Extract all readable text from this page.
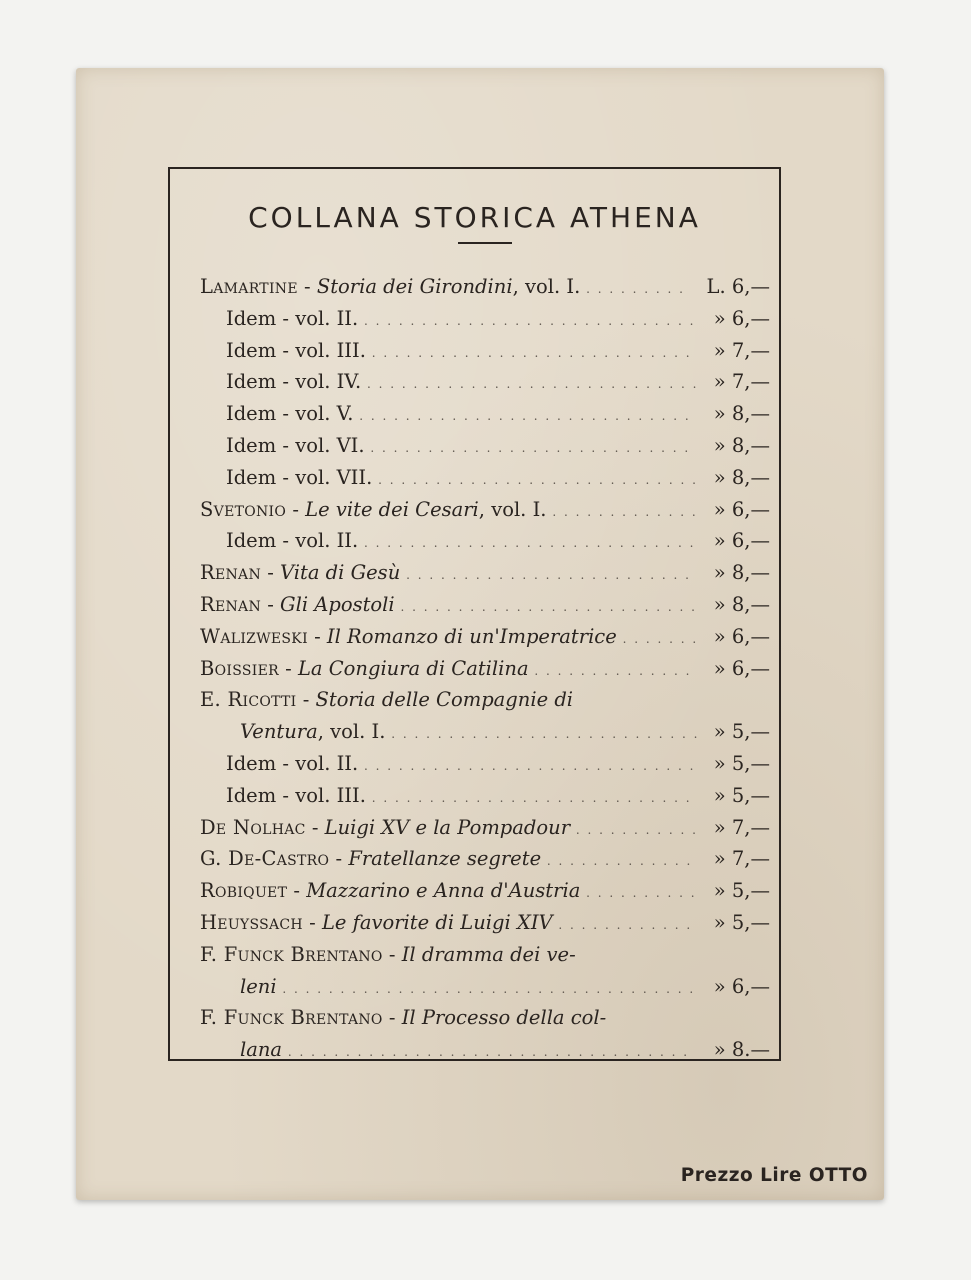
COLLANA STORICA ATHENA
Lamartine - Storia dei Girondini, vol. I. . . . . . . . . . L. 6,—
Idem - vol. II. . . . . . . . . . . . . . . . . . . . . . . . . . . . . . » 6,—
Idem - vol. III. . . . . . . . . . . . . . . . . . . . . . . . . . . . . » 7,—
Idem - vol. IV. . . . . . . . . . . . . . . . . . . . . . . . . . . . . . » 7,—
Idem - vol. V. . . . . . . . . . . . . . . . . . . . . . . . . . . . . . » 8,—
Idem - vol. VI. . . . . . . . . . . . . . . . . . . . . . . . . . . . . » 8,—
Idem - vol. VII. . . . . . . . . . . . . . . . . . . . . . . . . . . . . » 8,—
Svetonio - Le vite dei Cesari, vol. I. . . . . . . . . . . . . . » 6,—
Idem - vol. II. . . . . . . . . . . . . . . . . . . . . . . . . . . . . . » 6,—
Renan - Vita di Gesù . . . . . . . . . . . . . . . . . . . . . . . . . » 8,—
Renan - Gli Apostoli . . . . . . . . . . . . . . . . . . . . . . . . . . » 8,—
Walizweski - Il Romanzo di un'Imperatrice . . . . . . . » 6,—
Boissier - La Congiura di Catilina . . . . . . . . . . . . . . » 6,—
E. Ricotti - Storia delle Compagnie di
Ventura, vol. I. . . . . . . . . . . . . . . . . . . . . . . . . . . . » 5,—
Idem - vol. II. . . . . . . . . . . . . . . . . . . . . . . . . . . . . . » 5,—
Idem - vol. III. . . . . . . . . . . . . . . . . . . . . . . . . . . . . » 5,—
De Nolhac - Luigi XV e la Pompadour . . . . . . . . . . . » 7,—
G. De-Castro - Fratellanze segrete . . . . . . . . . . . . . » 7,—
Robiquet - Mazzarino e Anna d'Austria . . . . . . . . . . » 5,—
Heuyssach - Le favorite di Luigi XIV . . . . . . . . . . . . » 5,—
F. Funck Brentano - Il dramma dei ve-
leni . . . . . . . . . . . . . . . . . . . . . . . . . . . . . . . . . . . . » 6,—
F. Funck Brentano - Il Processo della col-
lana . . . . . . . . . . . . . . . . . . . . . . . . . . . . . . . . . . . » 8.—
Prezzo Lire OTTO
